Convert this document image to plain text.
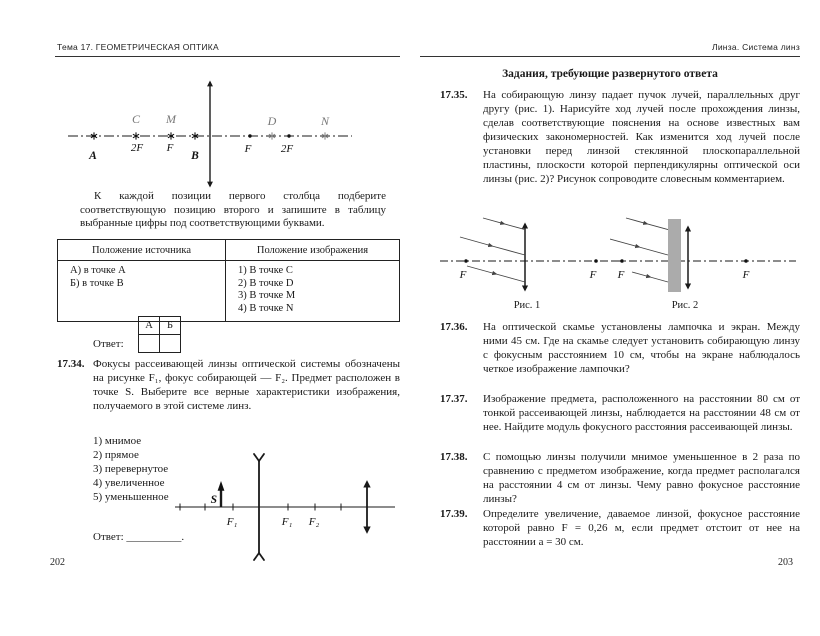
Тема 17. ГЕОМЕТРИЧЕСКАЯ ОПТИКА
C M	D	N
A
2F F
B
F	2F
К каждой позиции первого столбца подберите соответствующую позицию второго и запишите в таблицу выбранные цифры под соответствующими буквами.
Положение источника	Положение изображения

А) в точке A
Б) в точке B

1) В точке C
2) В точке D
3) В точке M
4) В точке N
Ответ:
А	Б

17.34. Фокусы рассеивающей линзы оптической системы обозначены на рисунке F₁, фокус собирающей — F₂. Предмет расположен в точке S. Выберите все верные характеристики изображения, получаемого в этой системе линз.
1) мнимое
2) прямое
3) перевернутое
4) увеличенное
5) уменьшенное	S
F₁	F₁ F₂
Ответ: __________.
202
Линза. Система линз
Задания, требующие развернутого ответа
17.35.	На собирающую линзу падает пучок лучей, параллельных друг другу (рис. 1). Нарисуйте ход лучей после прохождения линзы, сделав соответствующие пояснения на основе известных вам физических закономерностей. Как изменится ход лучей после установки перед линзой стеклянной плоскопараллельной пластины, плоскости которой перпендикулярны оптической оси линзы (рис. 2)? Рисунок сопроводите словесным комментарием.
F	F F	F
Рис. 1	Рис. 2
17.36.	На оптической скамье установлены лампочка и экран. Между ними 45 см. Где на скамье следует установить собирающую линзу с фокусным расстоянием 10 см, чтобы на экране наблюдалось четкое изображение лампочки?
17.37.	Изображение предмета, расположенного на расстоянии 80 см от тонкой рассеивающей линзы, наблюдается на расстоянии 48 см от нее. Найдите модуль фокусного расстояния рассеивающей линзы.
17.38.	С помощью линзы получили мнимое уменьшенное в 2 раза по сравнению с предметом изображение, когда предмет располагался на расстоянии 4 см от линзы. Чему равно фокусное расстояние линзы?
17.39.	Определите увеличение, даваемое линзой, фокусное расстояние которой равно F = 0,26 м, если предмет отстоит от нее на расстоянии a = 30 см.
203
